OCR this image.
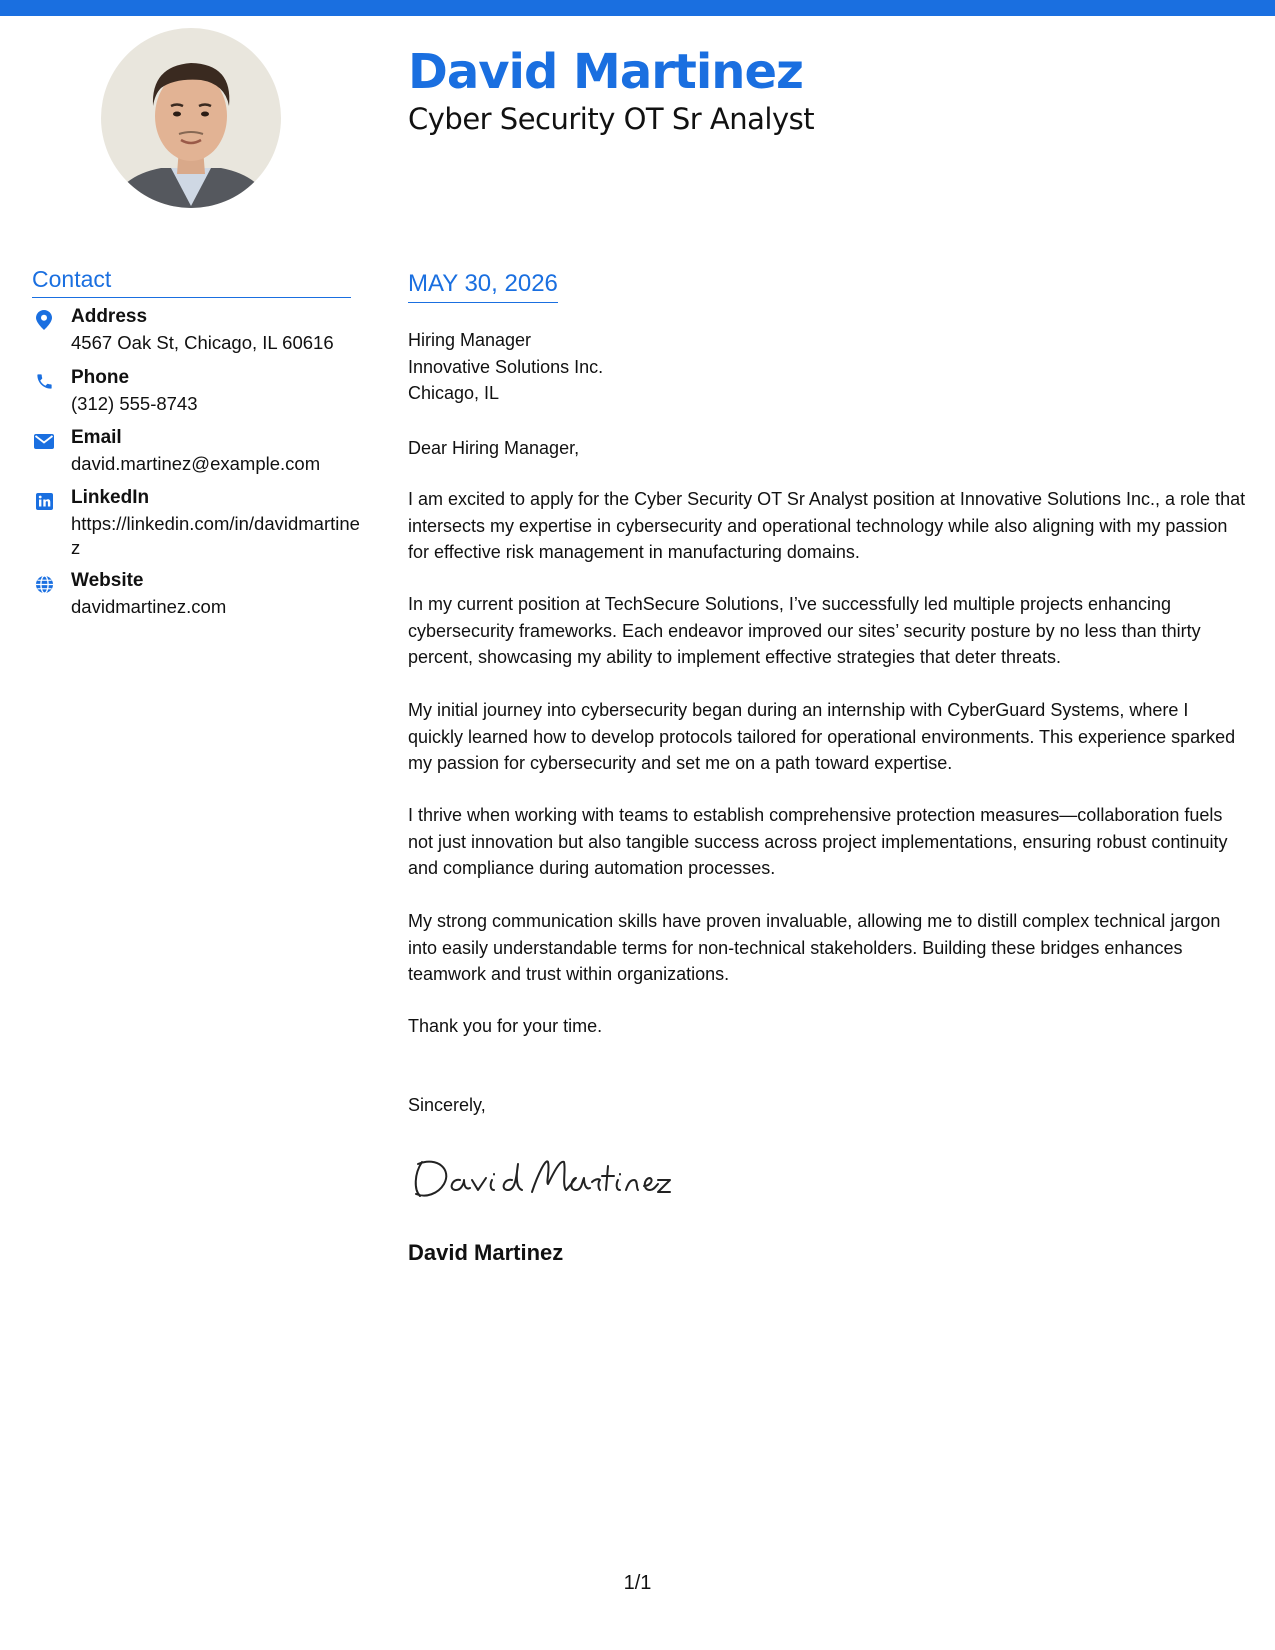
David Martinez
Cyber Security OT Sr Analyst
Contact
Address
4567 Oak St, Chicago, IL 60616
Phone
(312) 555-8743
Email
david.martinez@example.com
LinkedIn
https://linkedin.com/in/davidmartinez
Website
davidmartinez.com
MAY 30, 2026
Hiring Manager
Innovative Solutions Inc.
Chicago, IL
Dear Hiring Manager,
I am excited to apply for the Cyber Security OT Sr Analyst position at Innovative Solutions Inc., a role that intersects my expertise in cybersecurity and operational technology while also aligning with my passion for effective risk management in manufacturing domains.
In my current position at TechSecure Solutions, I’ve successfully led multiple projects enhancing cybersecurity frameworks. Each endeavor improved our sites’ security posture by no less than thirty percent, showcasing my ability to implement effective strategies that deter threats.
My initial journey into cybersecurity began during an internship with CyberGuard Systems, where I quickly learned how to develop protocols tailored for operational environments. This experience sparked my passion for cybersecurity and set me on a path toward expertise.
I thrive when working with teams to establish comprehensive protection measures—collaboration fuels not just innovation but also tangible success across project implementations, ensuring robust continuity and compliance during automation processes.
My strong communication skills have proven invaluable, allowing me to distill complex technical jargon into easily understandable terms for non-technical stakeholders. Building these bridges enhances teamwork and trust within organizations.
Thank you for your time.
Sincerely,
David Martinez
1/1
